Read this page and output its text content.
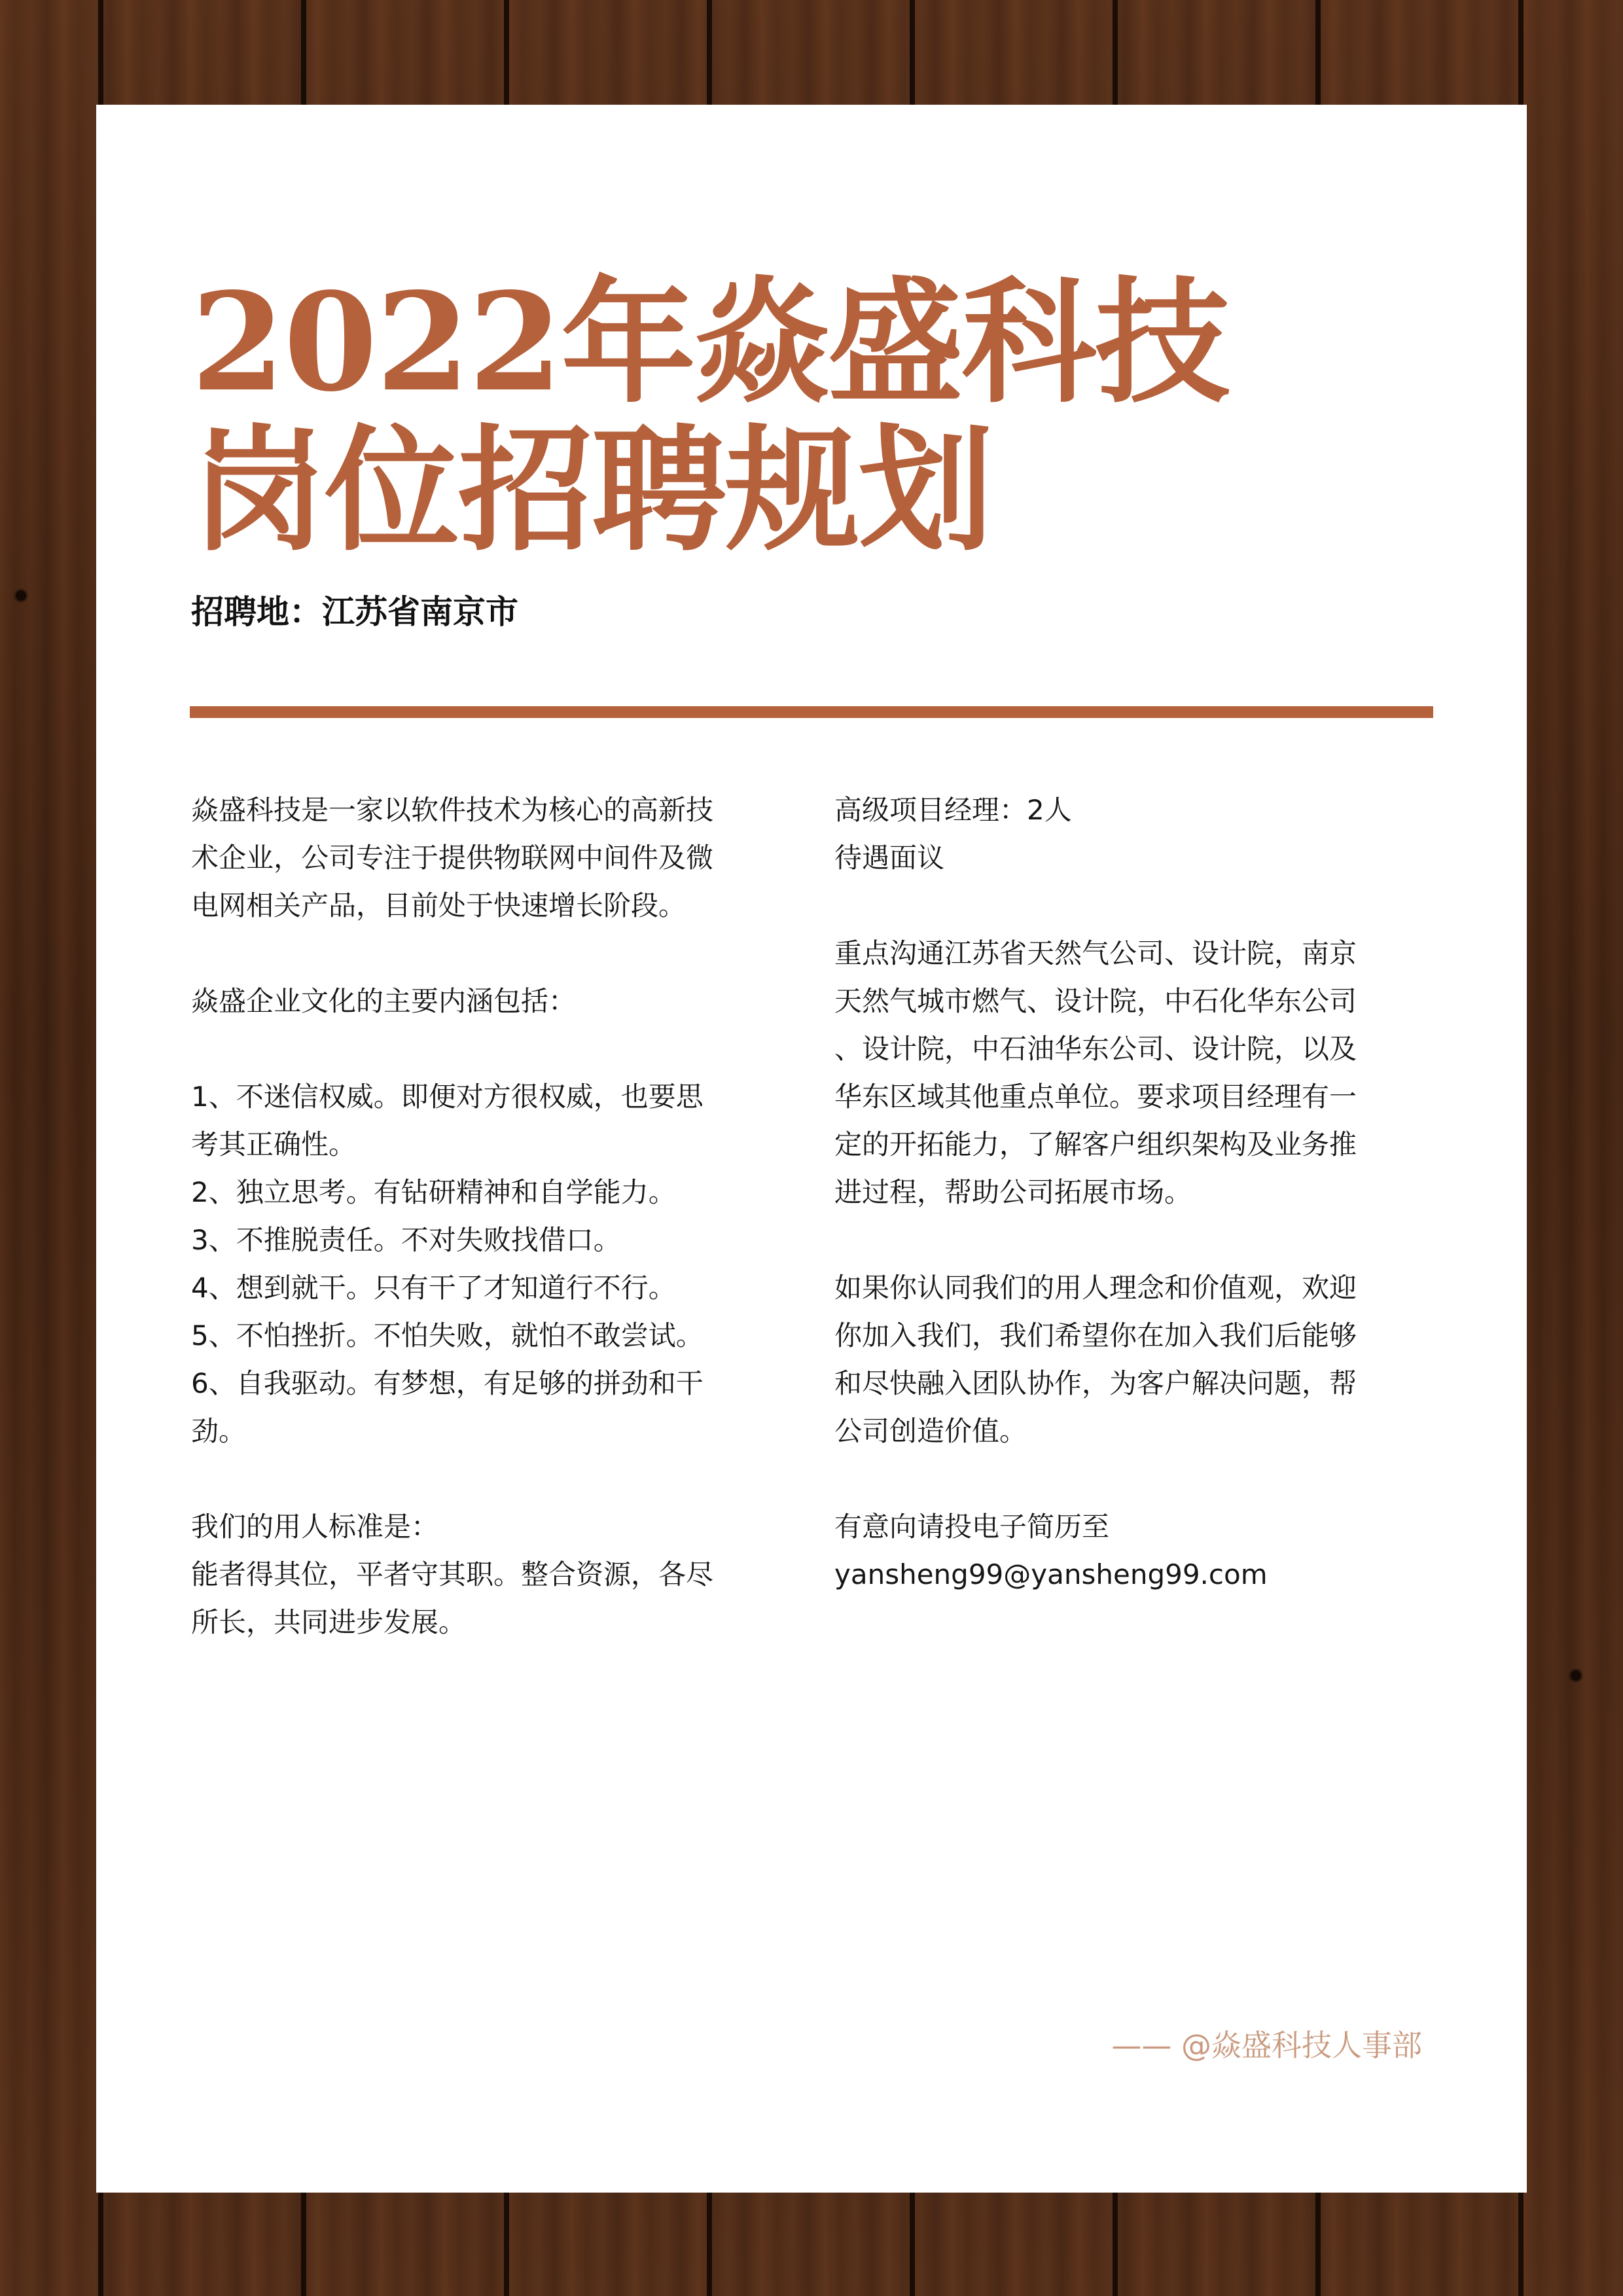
2022年焱盛科技
岗位招聘规划

招聘地：江苏省南京市

焱盛科技是一家以软件技术为核心的高新技

术企业，公司专注于提供物联网中间件及微

电网相关产品，目前处于快速增长阶段。

焱盛企业文化的主要内涵包括：

1、不迷信权威。即便对方很权威，也要思

考其正确性。

2、独立思考。有钻研精神和自学能力。

3、不推脱责任。不对失败找借口。

4、想到就干。只有干了才知道行不行。

5、不怕挫折。不怕失败，就怕不敢尝试。

6、自我驱动。有梦想，有足够的拼劲和干

劲。

我们的用人标准是：

能者得其位，平者守其职。整合资源，各尽

所长，共同进步发展。

高级项目经理：2人

待遇面议

重点沟通江苏省天然气公司、设计院，南京

天然气城市燃气、设计院，中石化华东公司

、设计院，中石油华东公司、设计院，以及

华东区域其他重点单位。要求项目经理有一

定的开拓能力，了解客户组织架构及业务推

进过程，帮助公司拓展市场。

如果你认同我们的用人理念和价值观，欢迎

你加入我们，我们希望你在加入我们后能够

和尽快融入团队协作，为客户解决问题，帮

公司创造价值。

有意向请投电子简历至

yansheng99@yansheng99.com

—— @焱盛科技人事部
